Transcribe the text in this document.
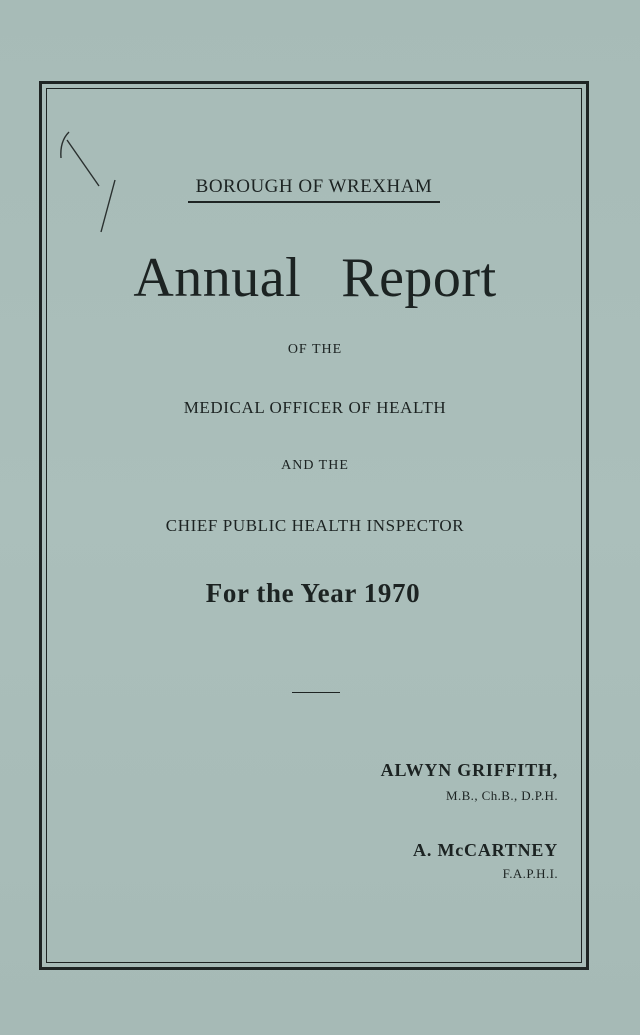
BOROUGH OF WREXHAM
Annual Report
OF THE
MEDICAL OFFICER OF HEALTH
AND THE
CHIEF PUBLIC HEALTH INSPECTOR
For the Year 1970
ALWYN GRIFFITH,
M.B., Ch.B., D.P.H.
A. McCARTNEY
F.A.P.H.I.
